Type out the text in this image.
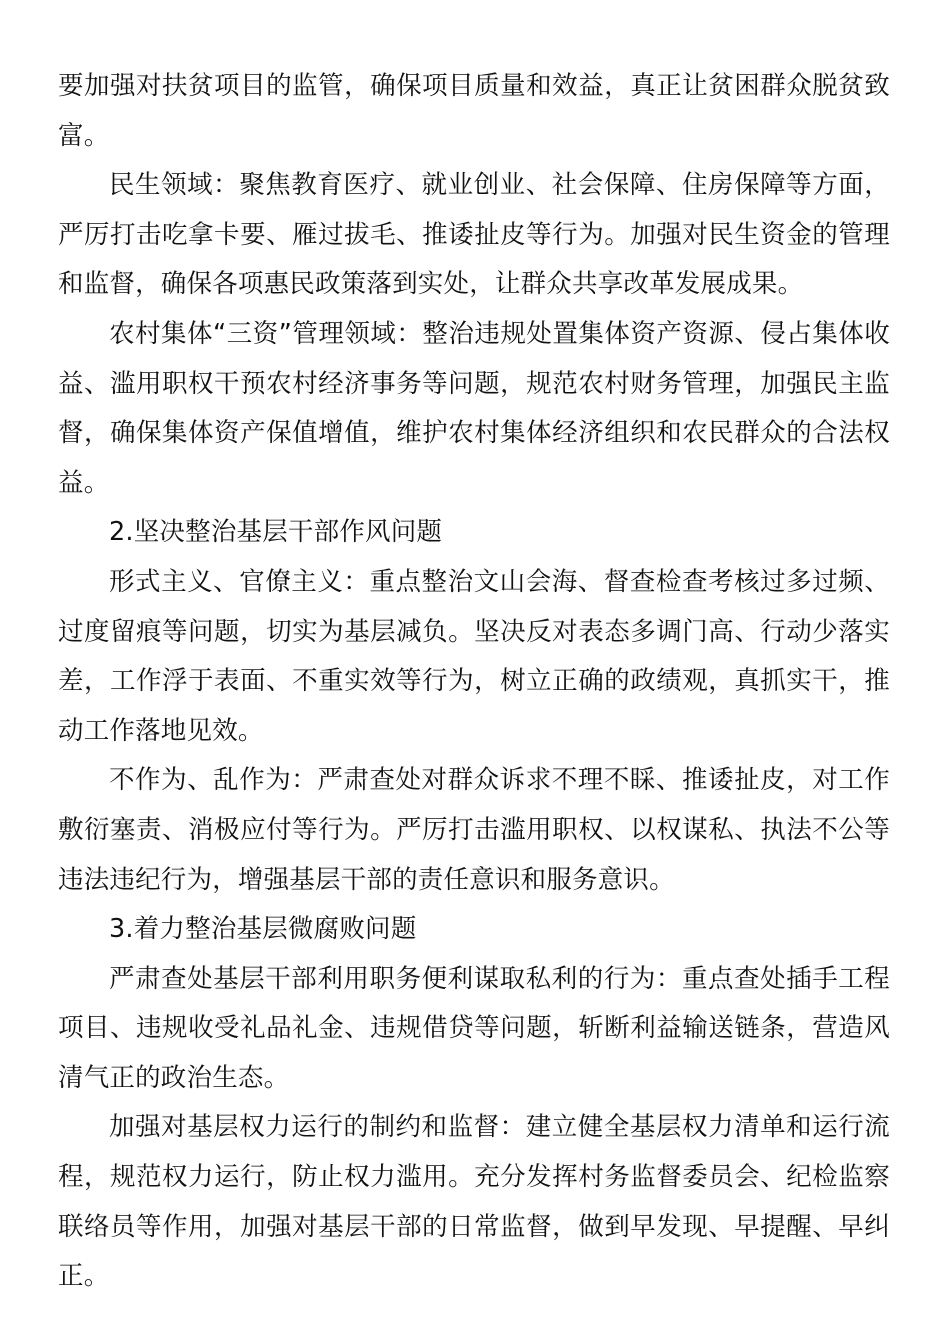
要加强对扶贫项目的监管，确保项目质量和效益，真正让贫困群众脱贫致富。

民生领域：聚焦教育医疗、就业创业、社会保障、住房保障等方面，严厉打击吃拿卡要、雁过拔毛、推诿扯皮等行为。加强对民生资金的管理和监督，确保各项惠民政策落到实处，让群众共享改革发展成果。

农村集体“三资”管理领域：整治违规处置集体资产资源、侵占集体收益、滥用职权干预农村经济事务等问题，规范农村财务管理，加强民主监督，确保集体资产保值增值，维护农村集体经济组织和农民群众的合法权益。

2.坚决整治基层干部作风问题

形式主义、官僚主义：重点整治文山会海、督查检查考核过多过频、过度留痕等问题，切实为基层减负。坚决反对表态多调门高、行动少落实差，工作浮于表面、不重实效等行为，树立正确的政绩观，真抓实干，推动工作落地见效。

不作为、乱作为：严肃查处对群众诉求不理不睬、推诿扯皮，对工作敷衍塞责、消极应付等行为。严厉打击滥用职权、以权谋私、执法不公等违法违纪行为，增强基层干部的责任意识和服务意识。

3.着力整治基层微腐败问题

严肃查处基层干部利用职务便利谋取私利的行为：重点查处插手工程项目、违规收受礼品礼金、违规借贷等问题，斩断利益输送链条，营造风清气正的政治生态。

加强对基层权力运行的制约和监督：建立健全基层权力清单和运行流程，规范权力运行，防止权力滥用。充分发挥村务监督委员会、纪检监察联络员等作用，加强对基层干部的日常监督，做到早发现、早提醒、早纠正。
